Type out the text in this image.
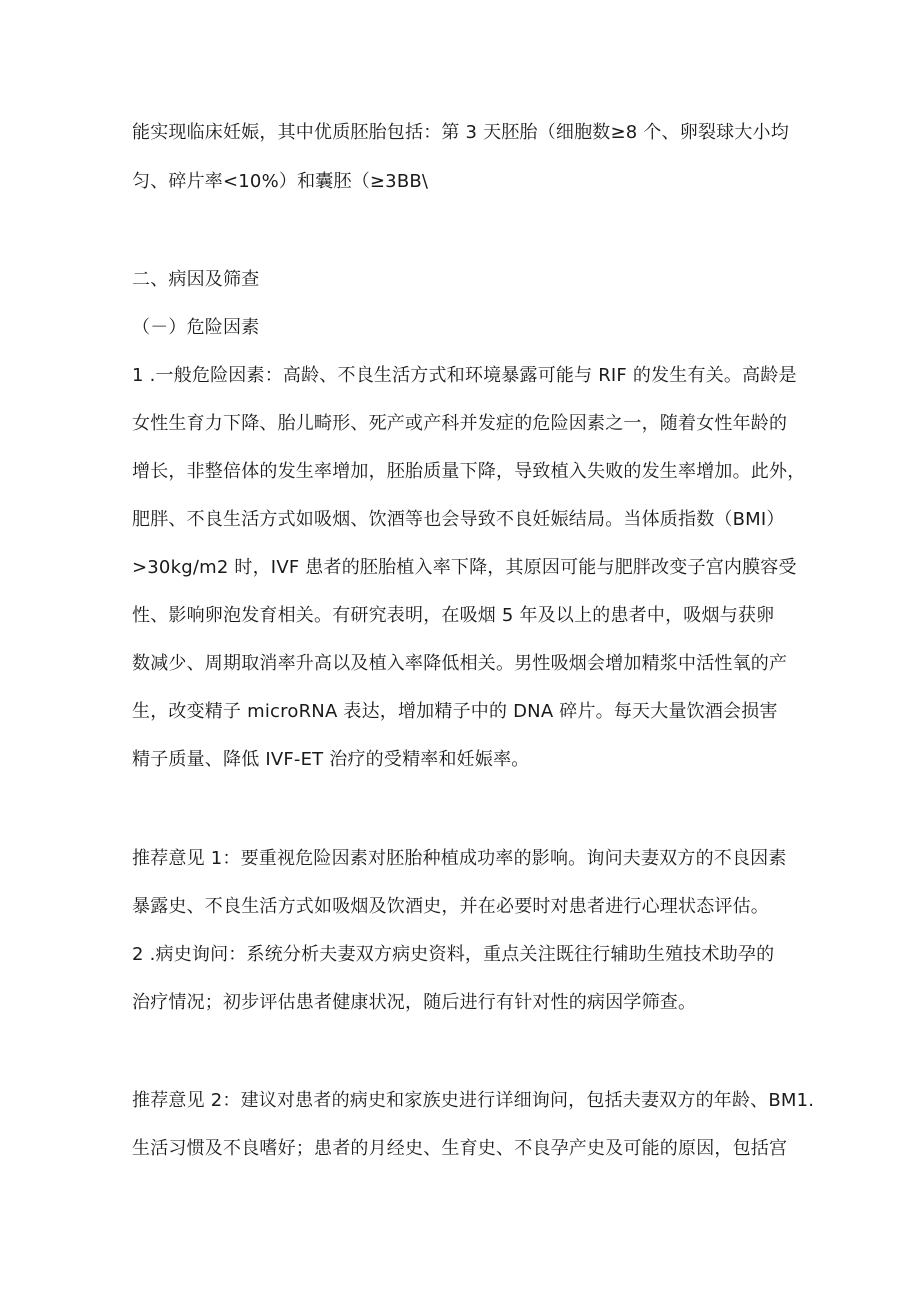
能实现临床妊娠，其中优质胚胎包括：第 3 天胚胎（细胞数≥8 个、卵裂球大小均
匀、碎片率<10%）和囊胚（≥3BB\
二、病因及筛查
（－）危险因素
1 .一般危险因素：高龄、不良生活方式和环境暴露可能与 RIF 的发生有关。高龄是
女性生育力下降、胎儿畸形、死产或产科并发症的危险因素之一，随着女性年龄的
增长，非整倍体的发生率增加，胚胎质量下降，导致植入失败的发生率增加。此外，
肥胖、不良生活方式如吸烟、饮酒等也会导致不良妊娠结局。当体质指数（BMI）
>30kg∕m2 时，IVF 患者的胚胎植入率下降，其原因可能与肥胖改变子宫内膜容受
性、影响卵泡发育相关。有研究表明，在吸烟 5 年及以上的患者中，吸烟与获卵
数减少、周期取消率升高以及植入率降低相关。男性吸烟会增加精浆中活性氧的产
生，改变精子 microRNA 表达，增加精子中的 DNA 碎片。每天大量饮酒会损害
精子质量、降低 IVF-ET 治疗的受精率和妊娠率。
推荐意见 1：要重视危险因素对胚胎种植成功率的影响。询问夫妻双方的不良因素
暴露史、不良生活方式如吸烟及饮酒史，并在必要时对患者进行心理状态评估。
2 .病史询问：系统分析夫妻双方病史资料，重点关注既往行辅助生殖技术助孕的
治疗情况；初步评估患者健康状况，随后进行有针对性的病因学筛查。
推荐意见 2：建议对患者的病史和家族史进行详细询问，包括夫妻双方的年龄、BM1.
生活习惯及不良嗜好；患者的月经史、生育史、不良孕产史及可能的原因，包括宫
